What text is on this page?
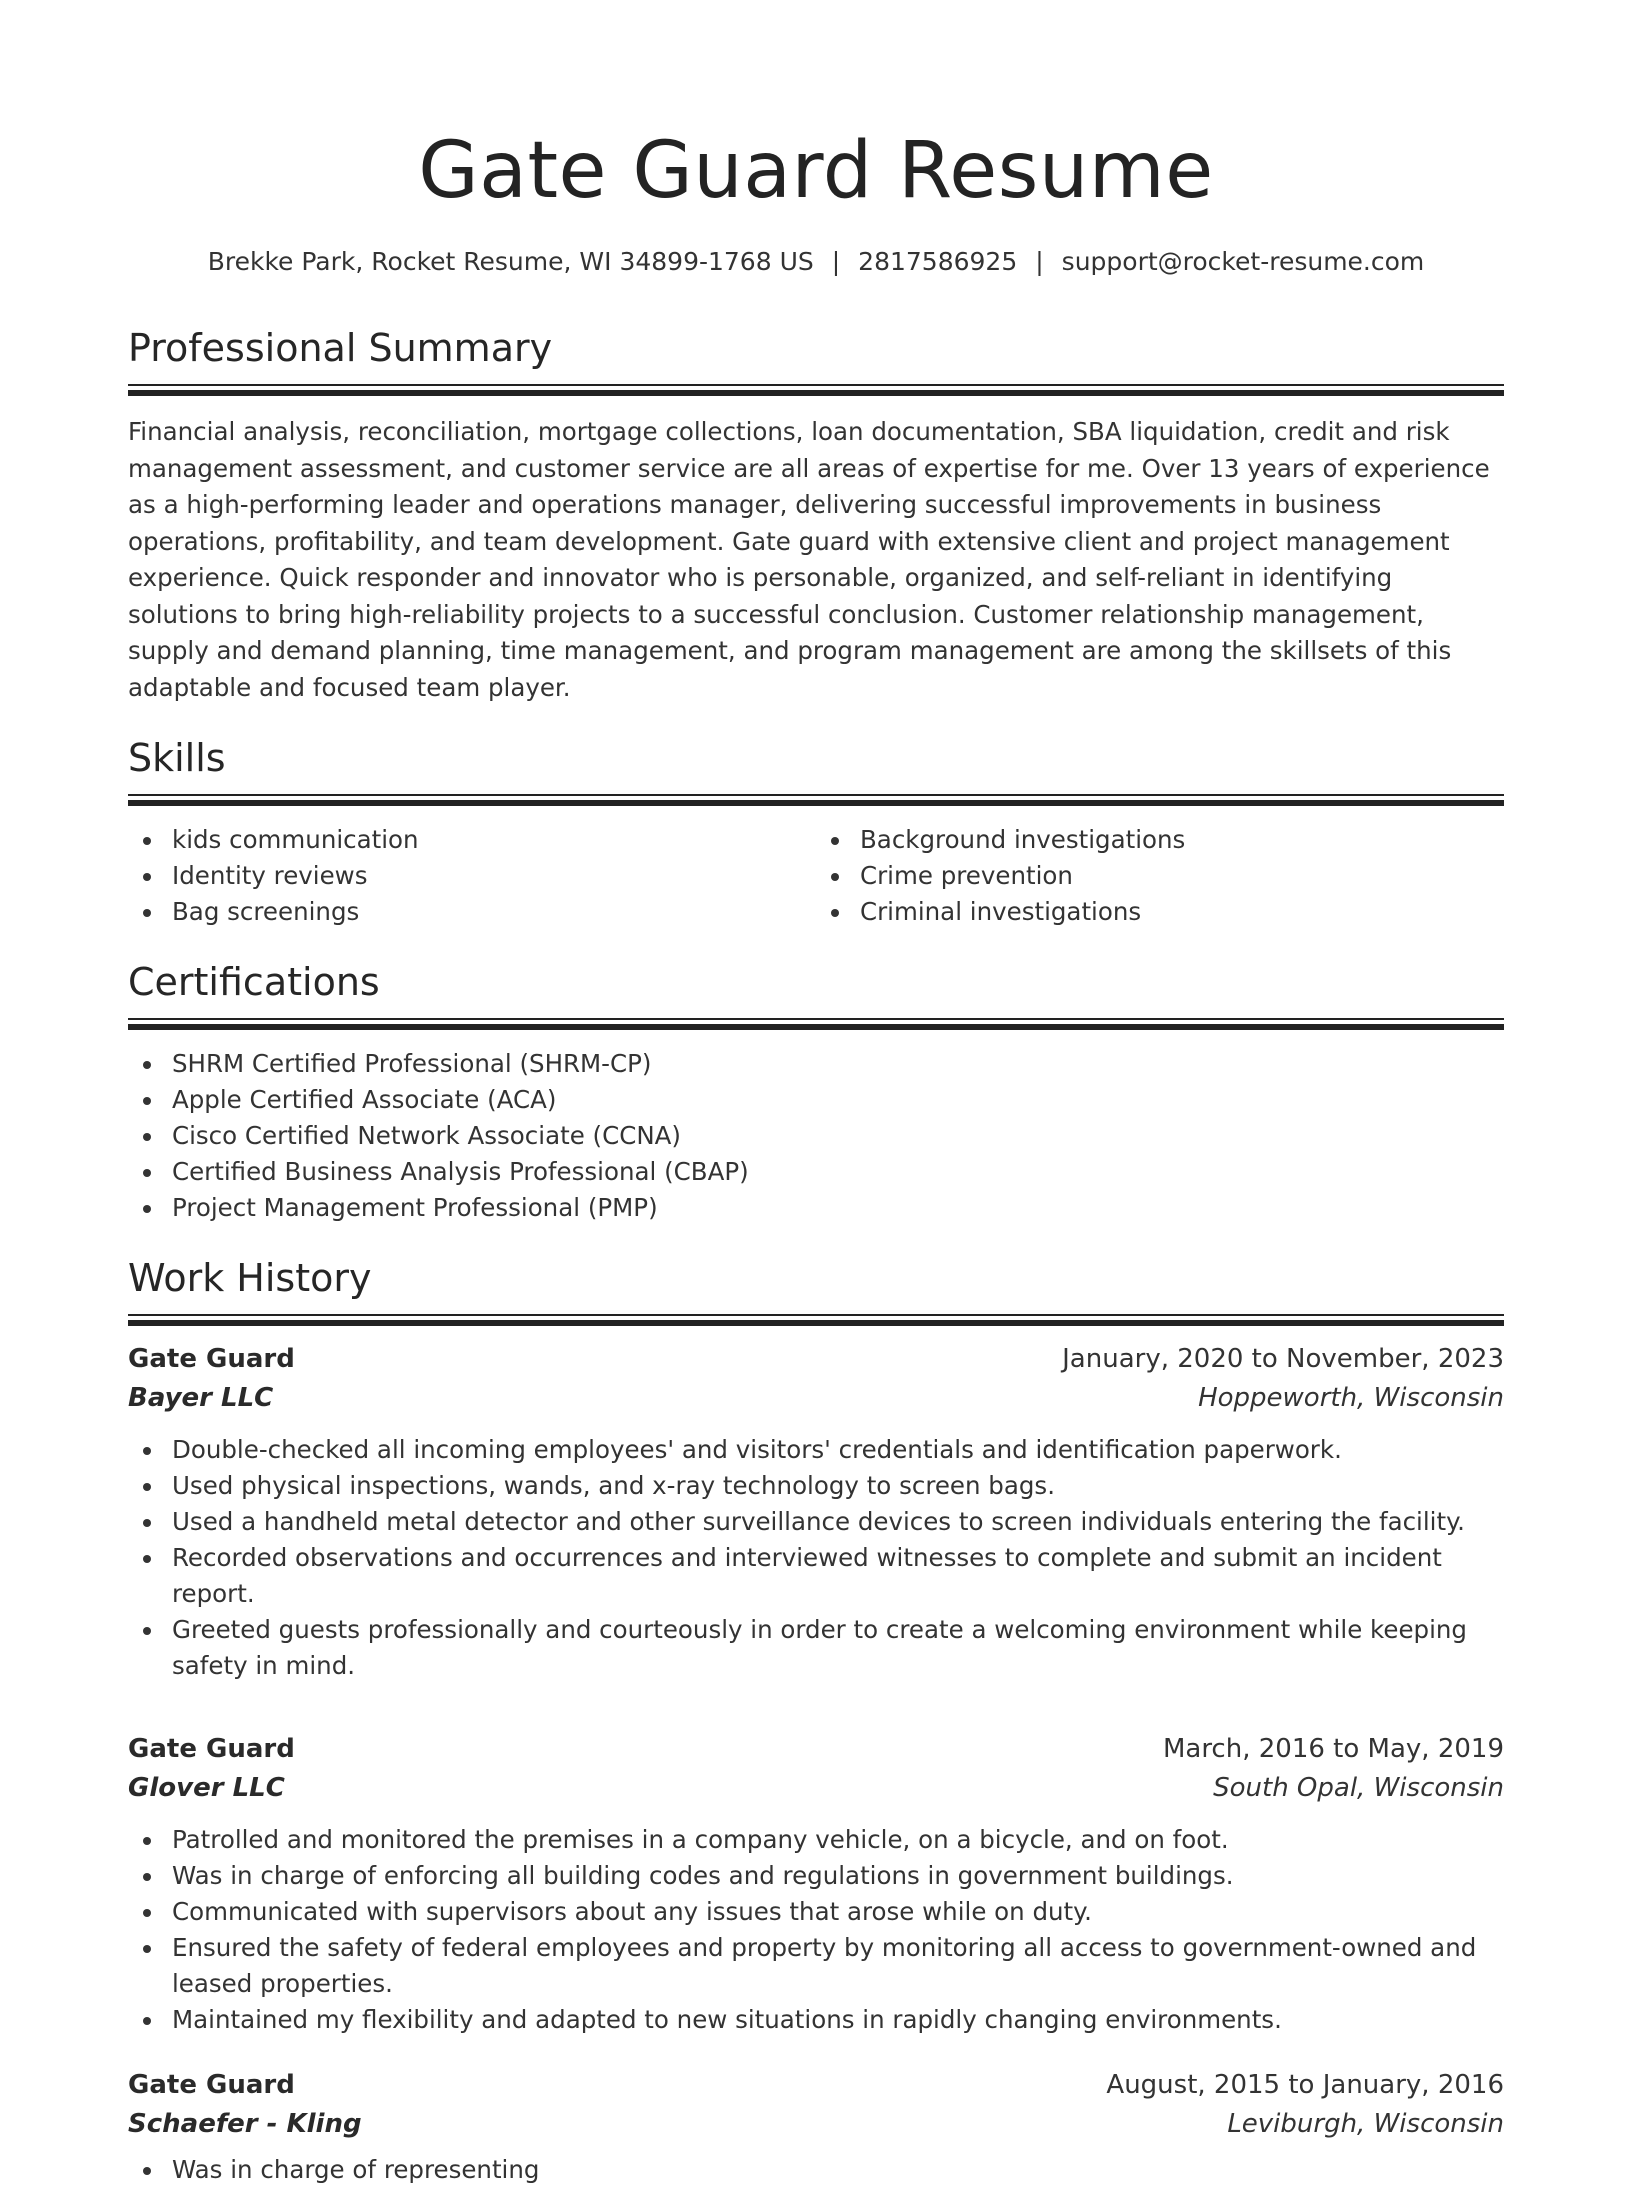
Gate Guard Resume
Brekke Park, Rocket Resume, WI 34899-1768 US | 2817586925 | support@rocket-resume.com
Professional Summary

Financial analysis, reconciliation, mortgage collections, loan documentation, SBA liquidation, credit and risk management assessment, and customer service are all areas of expertise for me. Over 13 years of experience as a high-performing leader and operations manager, delivering successful improvements in business operations, profitability, and team development. Gate guard with extensive client and project management experience. Quick responder and innovator who is personable, organized, and self-reliant in identifying solutions to bring high-reliability projects to a successful conclusion. Customer relationship management, supply and demand planning, time management, and program management are among the skillsets of this adaptable and focused team player.

Skills
kids communication
Identity reviews
Bag screenings
Background investigations
Crime prevention
Criminal investigations
Certifications
SHRM Certified Professional (SHRM-CP)
Apple Certified Associate (ACA)
Cisco Certified Network Associate (CCNA)
Certified Business Analysis Professional (CBAP)
Project Management Professional (PMP)
Work History
Gate Guard	January, 2020 to November, 2023
Bayer LLC	Hoppeworth, Wisconsin
Double-checked all incoming employees' and visitors' credentials and identification paperwork.
Used physical inspections, wands, and x-ray technology to screen bags.
Used a handheld metal detector and other surveillance devices to screen individuals entering the facility.
Recorded observations and occurrences and interviewed witnesses to complete and submit an incident report.
Greeted guests professionally and courteously in order to create a welcoming environment while keeping safety in mind.
Gate Guard	March, 2016 to May, 2019
Glover LLC	South Opal, Wisconsin
Patrolled and monitored the premises in a company vehicle, on a bicycle, and on foot.
Was in charge of enforcing all building codes and regulations in government buildings.
Communicated with supervisors about any issues that arose while on duty.
Ensured the safety of federal employees and property by monitoring all access to government-owned and leased properties.
Maintained my flexibility and adapted to new situations in rapidly changing environments.
Gate Guard	August, 2015 to January, 2016
Schaefer - Kling	Leviburgh, Wisconsin
Was in charge of representing
